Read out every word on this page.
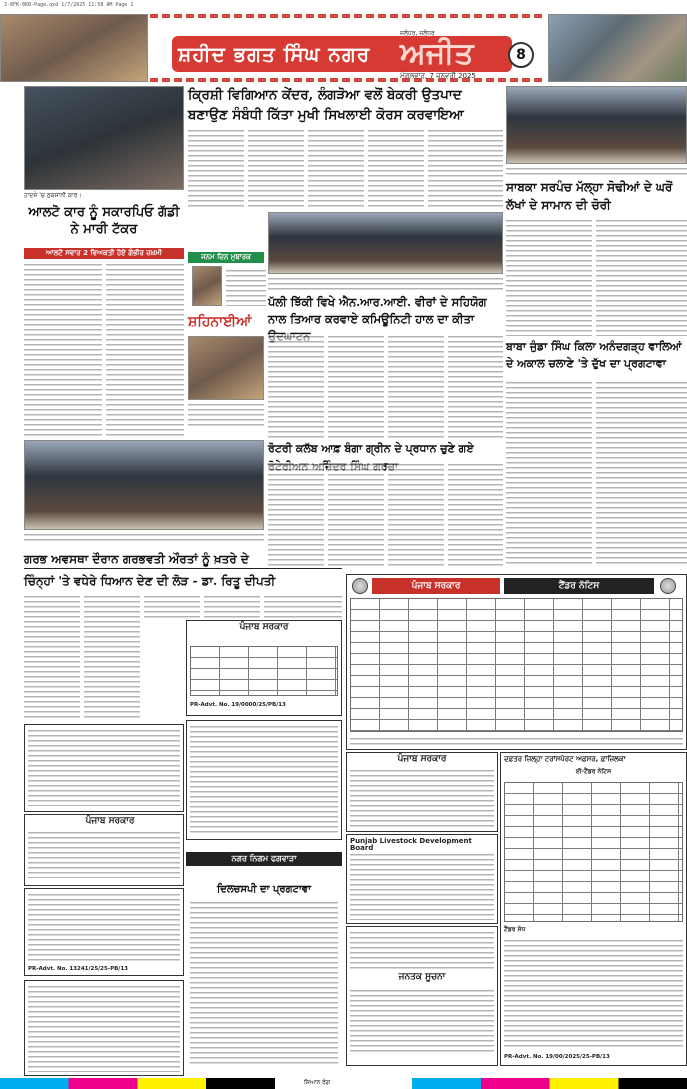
3-8FK-8KB-Page.qxd 1/7/2025 11:58 AM Page 1
ਸ਼ਹੀਦ ਭਗਤ ਸਿੰਘ ਨਗਰ
ਜਲੰਧਰ, ਜਲੰਧਰ
ਅਜੀਤ
ਮੰਗਲਵਾਰ, 7 ਜਨਵਰੀ 2025
8
ਹਾਦਸੇ 'ਚ ਨੁਕਸਾਨੀ ਕਾਰ।
ਆਲਟੋ ਕਾਰ ਨੂੰ ਸਕਾਰਪਿਓ ਗੱਡੀ ਨੇ ਮਾਰੀ ਟੱਕਰ
ਆਲਟੋ ਸਵਾਰ 2 ਵਿਅਕਤੀ ਹੋਏ ਗੰਭੀਰ ਜ਼ਖ਼ਮੀ
ਕ੍ਰਿਸ਼ੀ ਵਿਗਿਆਨ ਕੇਂਦਰ, ਲੰਗੜੋਆ ਵਲੋਂ ਬੇਕਰੀ ਉਤਪਾਦ
ਬਣਾਉਣ ਸੰਬੰਧੀ ਕਿੱਤਾ ਮੁਖੀ ਸਿਖਲਾਈ ਕੋਰਸ ਕਰਵਾਇਆ
ਜਨਮ ਦਿਨ ਮੁਬਾਰਕ
ਸ਼ਹਿਨਾਈਆਂ
ਪੱਲੀ ਝਿੱਕੀ ਵਿਖੇ ਐਨ.ਆਰ.ਆਈ. ਵੀਰਾਂ ਦੇ ਸਹਿਯੋਗ ਨਾਲ ਤਿਆਰ ਕਰਵਾਏ ਕਮਿਊਨਿਟੀ ਹਾਲ ਦਾ ਕੀਤਾ
ਸਾਬਕਾ ਸਰਪੰਚ ਮੱਲ੍ਹਾ ਸੋਢੀਆਂ ਦੇ ਘਰੋਂ ਲੱਖਾਂ ਦੇ ਸਾਮਾਨ ਦੀ ਚੋਰੀ
ਬਾਬਾ ਜੁੰਡਾ ਸਿੰਘ ਕਿਲਾ ਅਨੰਦਗੜ੍ਹ ਵਾਲਿਆਂ ਦੇ ਅਕਾਲ ਚਲਾਣੇ 'ਤੇ ਦੁੱਖ ਦਾ ਪ੍ਰਗਟਾਵਾ
ਰੋਟਰੀ ਕਲੱਬ ਆਫ਼ ਬੰਗਾ ਗ੍ਰੀਨ ਦੇ ਪ੍ਰਧਾਨ ਚੁਣੇ ਗਏ ਗਰਚਾ
ਗਰਭ ਅਵਸਥਾ ਦੌਰਾਨ ਗਰਭਵਤੀ ਔਰਤਾਂ ਨੂੰ ਖ਼ਤਰੇ ਦੇ
ਚਿੰਨ੍ਹਾਂ 'ਤੇ ਵਧੇਰੇ ਧਿਆਨ ਦੇਣ ਦੀ ਲੋੜ - ਡਾ. ਰਿਤੂ ਦੀਪਤੀ	ਪੰਜਾਬ ਸਰਕਾਰ	ਟੈਂਡਰ ਨੋਟਿਸ
ਪੰਜਾਬ ਸਰਕਾਰ
PR-Advt. No. 19/0000/25/PB/13
ਪੰਜਾਬ ਸਰਕਾਰ
PR-Advt. No. 13241/25/25-PB/13
ਨਗਰ ਨਿਗਮ ਫਗਵਾੜਾ
ਦਿਲਚਸਪੀ ਦਾ ਪ੍ਰਗਟਾਵਾ
ਪੰਜਾਬ ਸਰਕਾਰ
Punjab Livestock Development Board
ਜਨਤਕ ਸੂਚਨਾ
ਦਫ਼ਤਰ ਜ਼ਿਲ੍ਹਾ ਟਰਾਂਸਪੋਰਟ ਅਫ਼ਸਰ, ਫ਼ਾਜ਼ਿਲਕਾ
ਈ-ਟੈਂਡਰ ਨੋਟਿਸ
ਟੈਂਡਰ ਸੋਧ
PR-Advt. No. 19/00/2025/25-PB/13
ਸਿਆਨ ਰੰਗ
